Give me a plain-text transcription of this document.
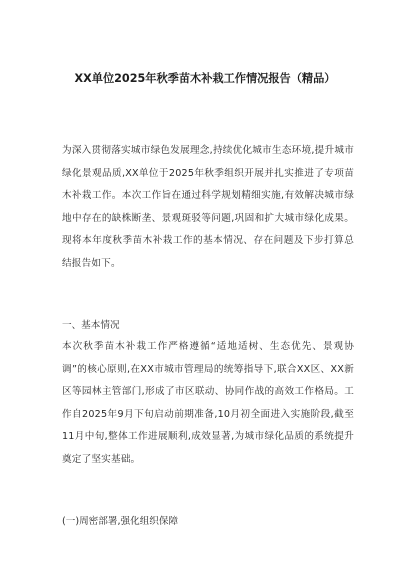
XX单位2025年秋季苗木补栽工作情况报告（精品）
为深入贯彻落实城市绿色发展理念,持续优化城市生态环境,提升城市绿化景观品质,XX单位于2025年秋季组织开展并扎实推进了专项苗木补栽工作。本次工作旨在通过科学规划精细实施,有效解决城市绿地中存在的缺株断垄、景观斑驳等问题,巩固和扩大城市绿化成果。现将本年度秋季苗木补栽工作的基本情况、存在问题及下步打算总结报告如下。
一、基本情况
本次秋季苗木补栽工作严格遵循“适地适树、生态优先、景观协调”的核心原则,在XX市城市管理局的统筹指导下,联合XX区、XX新区等园林主管部门,形成了市区联动、协同作战的高效工作格局。工作自2025年9月下旬启动前期准备,10月初全面进入实施阶段,截至11月中旬,整体工作进展顺利,成效显著,为城市绿化品质的系统提升奠定了坚实基础。
(一)周密部署,强化组织保障
